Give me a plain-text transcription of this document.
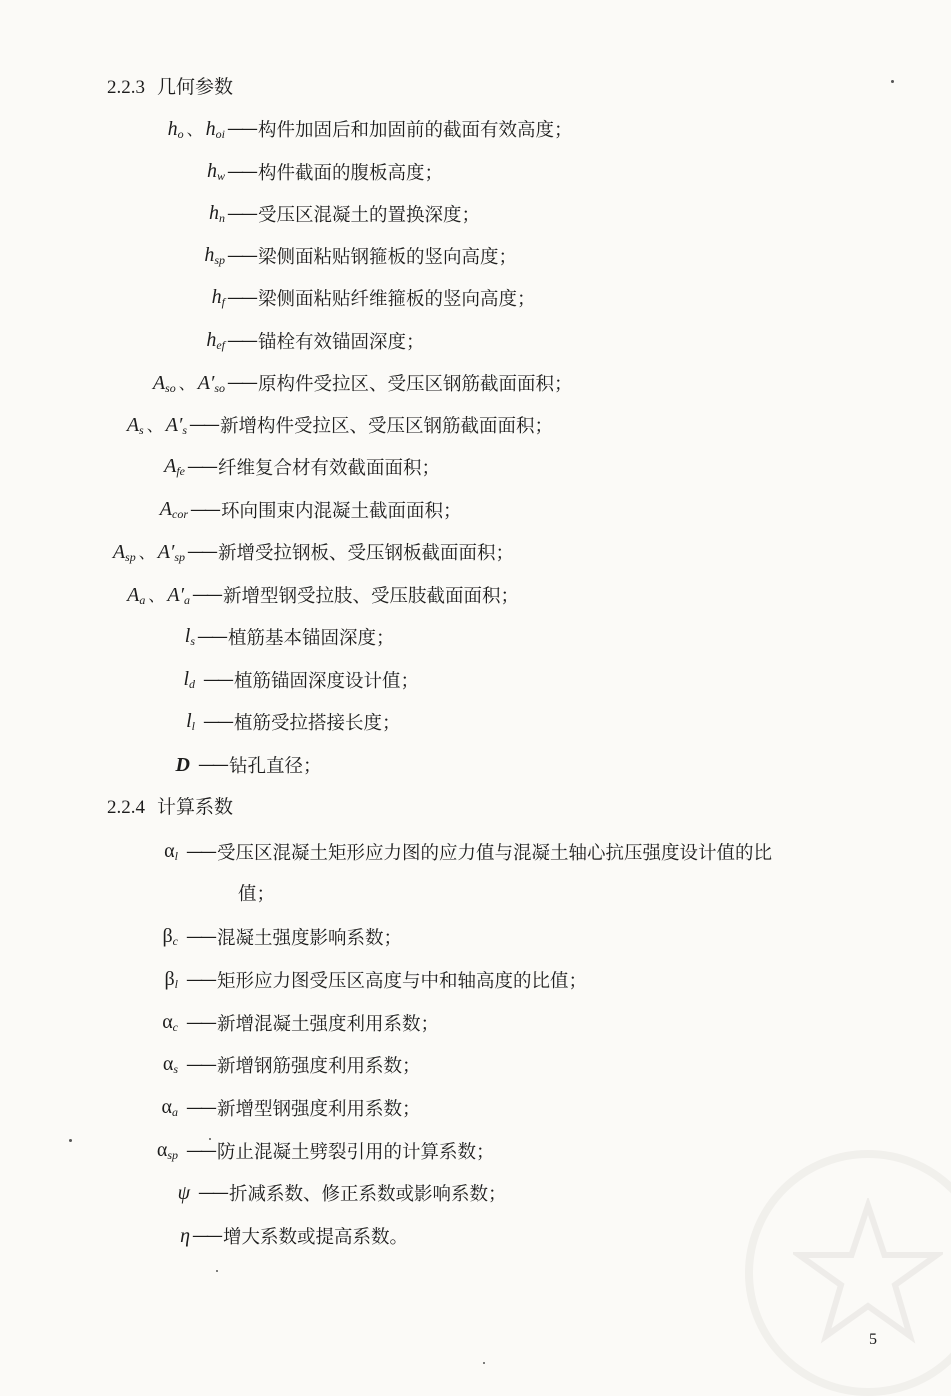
2.2.3 几何参数
$h_o$ 、 $h_{oi}$ —— 构件加固后和加固前的截面有效高度；
$h_w$ —— 构件截面的腹板高度；
$h_n$ —— 受压区混凝土的置换深度；
$h_{sp}$ —— 梁侧面粘贴钢箍板的竖向高度；
$h_f$ —— 梁侧面粘贴纤维箍板的竖向高度；
$h_{ef}$ —— 锚栓有效锚固深度；
$A_{so}$ 、 $A'_{so}$ —— 原构件受拉区、受压区钢筋截面面积；
$A_s$ 、 $A'_s$ —— 新增构件受拉区、受压区钢筋截面面积；
$A_{fe}$ —— 纤维复合材有效截面面积；
$A_{cor}$ —— 环向围束内混凝土截面面积；
$A_{sp}$ 、 $A'_{sp}$ —— 新增受拉钢板、受压钢板截面面积；
$A_a$ 、 $A'_a$ —— 新增型钢受拉肢、受压肢截面面积；
$l_s$ —— 植筋基本锚固深度；
$l_d$ —— 植筋锚固深度设计值；
$l_l$ —— 植筋受拉搭接长度；
D —— 钻孔直径；
2.2.4 计算系数
$\alpha_l$ —— 受压区混凝土矩形应力图的应力值与混凝土轴心抗压强度设计值的比
值；
$\beta_c$ —— 混凝土强度影响系数；
$\beta_l$ —— 矩形应力图受压区高度与中和轴高度的比值；
$\alpha_c$ —— 新增混凝土强度利用系数；
$\alpha_s$ —— 新增钢筋强度利用系数；
$\alpha_a$ —— 新增型钢强度利用系数；
$\alpha_{sp}$ —— 防止混凝土劈裂引用的计算系数；
ψ —— 折减系数、修正系数或影响系数；
η —— 增大系数或提高系数。
5
